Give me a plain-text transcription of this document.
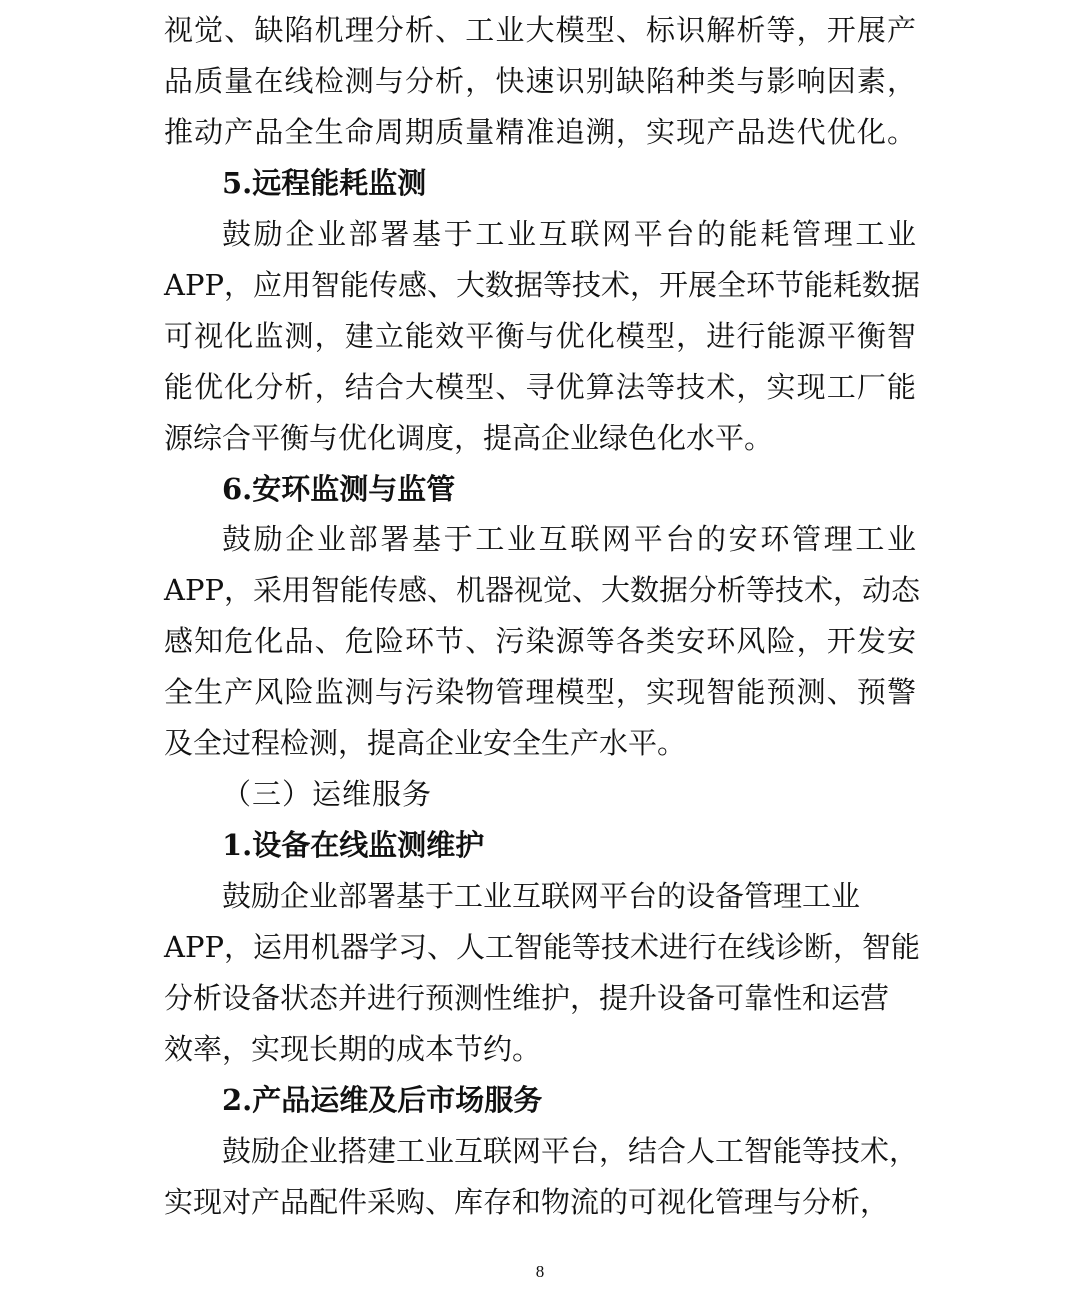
视觉、缺陷机理分析、工业大模型、标识解析等，开展产
品质量在线检测与分析，快速识别缺陷种类与影响因素，
推动产品全生命周期质量精准追溯，实现产品迭代优化。
5.远程能耗监测
鼓励企业部署基于工业互联网平台的能耗管理工业
APP，应用智能传感、大数据等技术，开展全环节能耗数据
可视化监测，建立能效平衡与优化模型，进行能源平衡智
能优化分析，结合大模型、寻优算法等技术，实现工厂能
源综合平衡与优化调度，提高企业绿色化水平。
6.安环监测与监管
鼓励企业部署基于工业互联网平台的安环管理工业
APP，采用智能传感、机器视觉、大数据分析等技术，动态
感知危化品、危险环节、污染源等各类安环风险，开发安
全生产风险监测与污染物管理模型，实现智能预测、预警
及全过程检测，提高企业安全生产水平。
（三）运维服务
1.设备在线监测维护
鼓励企业部署基于工业互联网平台的设备管理工业
APP，运用机器学习、人工智能等技术进行在线诊断，智能
分析设备状态并进行预测性维护，提升设备可靠性和运营
效率，实现长期的成本节约。
2.产品运维及后市场服务
鼓励企业搭建工业互联网平台，结合人工智能等技术，
实现对产品配件采购、库存和物流的可视化管理与分析，
8
